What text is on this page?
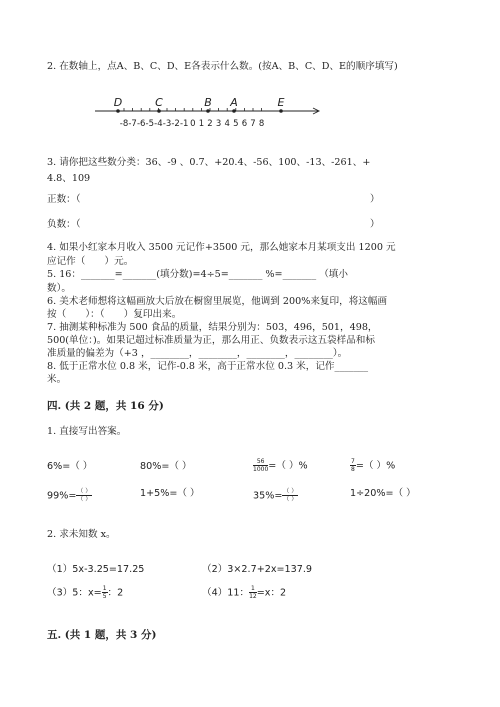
2. 在数轴上，点A、B、C、D、E各表示什么数。(按A、B、C、D、E的顺序填写)
-8 -7 -6 -5 -4 -3 -2 -1 0 1 2 3 4 5 6 7 8
D	C	B A	E
3. 请你把这些数分类：36、-9 、0.7、+20.4、-56、100、-13、-261、+
4.8、109
正数：（	）
负数：（	）
4. 如果小红家本月收入 3500 元记作+3500 元，那么她家本月某项支出 1200 元
应记作（　　）元。
5. 16：_______=_______(填分数)=4÷5=_______ %=_______ （填小
数）。
6. 美术老师想将这幅画放大后放在橱窗里展览，他调到 200%来复印，将这幅画
按（　　）：（　　）复印出来。
7. 抽测某种标准为 500 食品的质量，结果分别为：503，496，501，498，
500(单位：)。如果记超过标准质量为正，那么用正、负数表示这五袋样品和标
准质量的偏差为（+3 ，________，________，________，________）。
8. 低于正常水位 0.8 米，记作-0.8 米，高于正常水位 0.3 米，记作_______
米。
四. (共 2 题，共 16 分)
1. 直接写出答案。
6%=（ ）	80%=（ ）	$\frac{56}{1000}$ =（ ）%	$\frac{7}{8}$ =（ ）%
$99\%= \frac{( )}{( )}$	1+5%=（ ）	$35\%= \frac{( )}{( )}$	1÷20%=（ ）
2. 求未知数 x。
（1）5x-3.25=17.25	（2）3×2.7+2x=137.9
（3）5：$x= \frac{1}{5}$ ：2	（4）11： $\frac{1}{12} =x$：2
五. (共 1 题，共 3 分)
